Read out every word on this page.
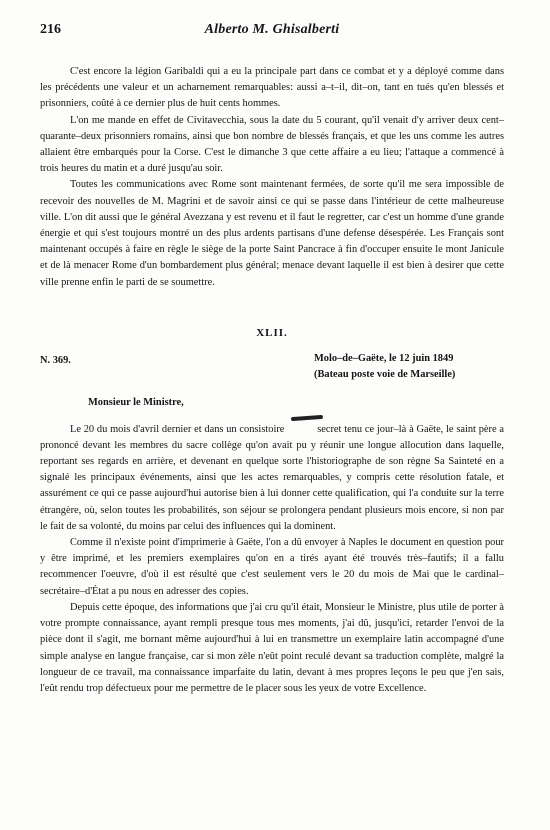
216	Alberto M. Ghisalberti

C'est encore la légion Garibaldi qui a eu la principale part dans ce combat et y a déployé comme dans les précédents une valeur et un acharnement remarquables: aussi a–t–il, dit–on, tant en tués qu'en blessés et prisonniers, coûté à ce dernier plus de huit cents hommes.

L'on me mande en effet de Civitavecchia, sous la date du 5 courant, qu'il venait d'y arriver deux cent–quarante–deux prisonniers romains, ainsi que bon nombre de blessés français, et que les uns comme les autres allaient être embarqués pour la Corse. C'est le dimanche 3 que cette affaire a eu lieu; l'attaque a commencé à trois heures du matin et a duré jusqu'au soir.

Toutes les communications avec Rome sont maintenant fermées, de sorte qu'il me sera impossible de recevoir des nouvelles de M. Magrini et de savoir ainsi ce qui se passe dans l'intérieur de cette malheureuse ville. L'on dit aussi que le général Avezzana y est revenu et il faut le regretter, car c'est un homme d'une grande énergie et qui s'est toujours montré un des plus ardents partisans d'une defense désespérée. Les Français sont maintenant occupés à faire en règle le siège de la porte Saint Pancrace à fin d'occuper ensuite le mont Janicule et de là menacer Rome d'un bombardement plus général; menace devant laquelle il est bien à desirer que cette ville prenne enfin le parti de se soumettre.

XLII.
N. 369.	Molo–de–Gaëte, le 12 juin 1849
(Bateau poste voie de Marseille)
Monsieur le Ministre,

Le 20 du mois d'avril dernier et dans un consistoire	secret tenu ce jour–là à Gaëte, le saint père a prononcé devant les membres du sacre collège qu'on avait pu y réunir une longue allocution dans laquelle, reportant ses regards en arrière, et devenant en quelque sorte l'historiographe de son règne Sa Sainteté en a signalé les principaux événements, ainsi que les actes remarquables, y compris cette résolution fatale, et assurément ce qui ce passe aujourd'hui autorise bien à lui donner cette qualification, qui l'a conduite sur la terre étrangère, où, selon toutes les probabilités, son séjour se prolongera pendant plusieurs mois encore, si non par le fait de sa volonté, du moins par celui des influences qui la dominent.

Comme il n'existe point d'imprimerie à Gaëte, l'on a dû envoyer à Naples le document en question pour y être imprimé, et les premiers exemplaires qu'on en a tirés ayant été trouvés très–fautifs; il a fallu recommencer l'oeuvre, d'où il est résulté que c'est seulement vers le 20 du mois de Mai que le cardinal–secrétaire–d'État a pu nous en adresser des copies.

Depuis cette époque, des informations que j'ai cru qu'il était, Monsieur le Ministre, plus utile de porter à votre prompte connaissance, ayant rempli presque tous mes moments, j'ai dû, jusqu'ici, retarder l'envoi de la pièce dont il s'agit, me bornant même aujourd'hui à lui en transmettre un exemplaire latin accompagné d'une simple analyse en langue française, car si mon zèle n'eût point reculé devant sa traduction complète, malgré la longueur de ce travail, ma connaissance imparfaite du latin, devant à mes propres leçons le peu que j'en sais, l'eût rendu trop défectueux pour me permettre de le placer sous les yeux de votre Excellence.
